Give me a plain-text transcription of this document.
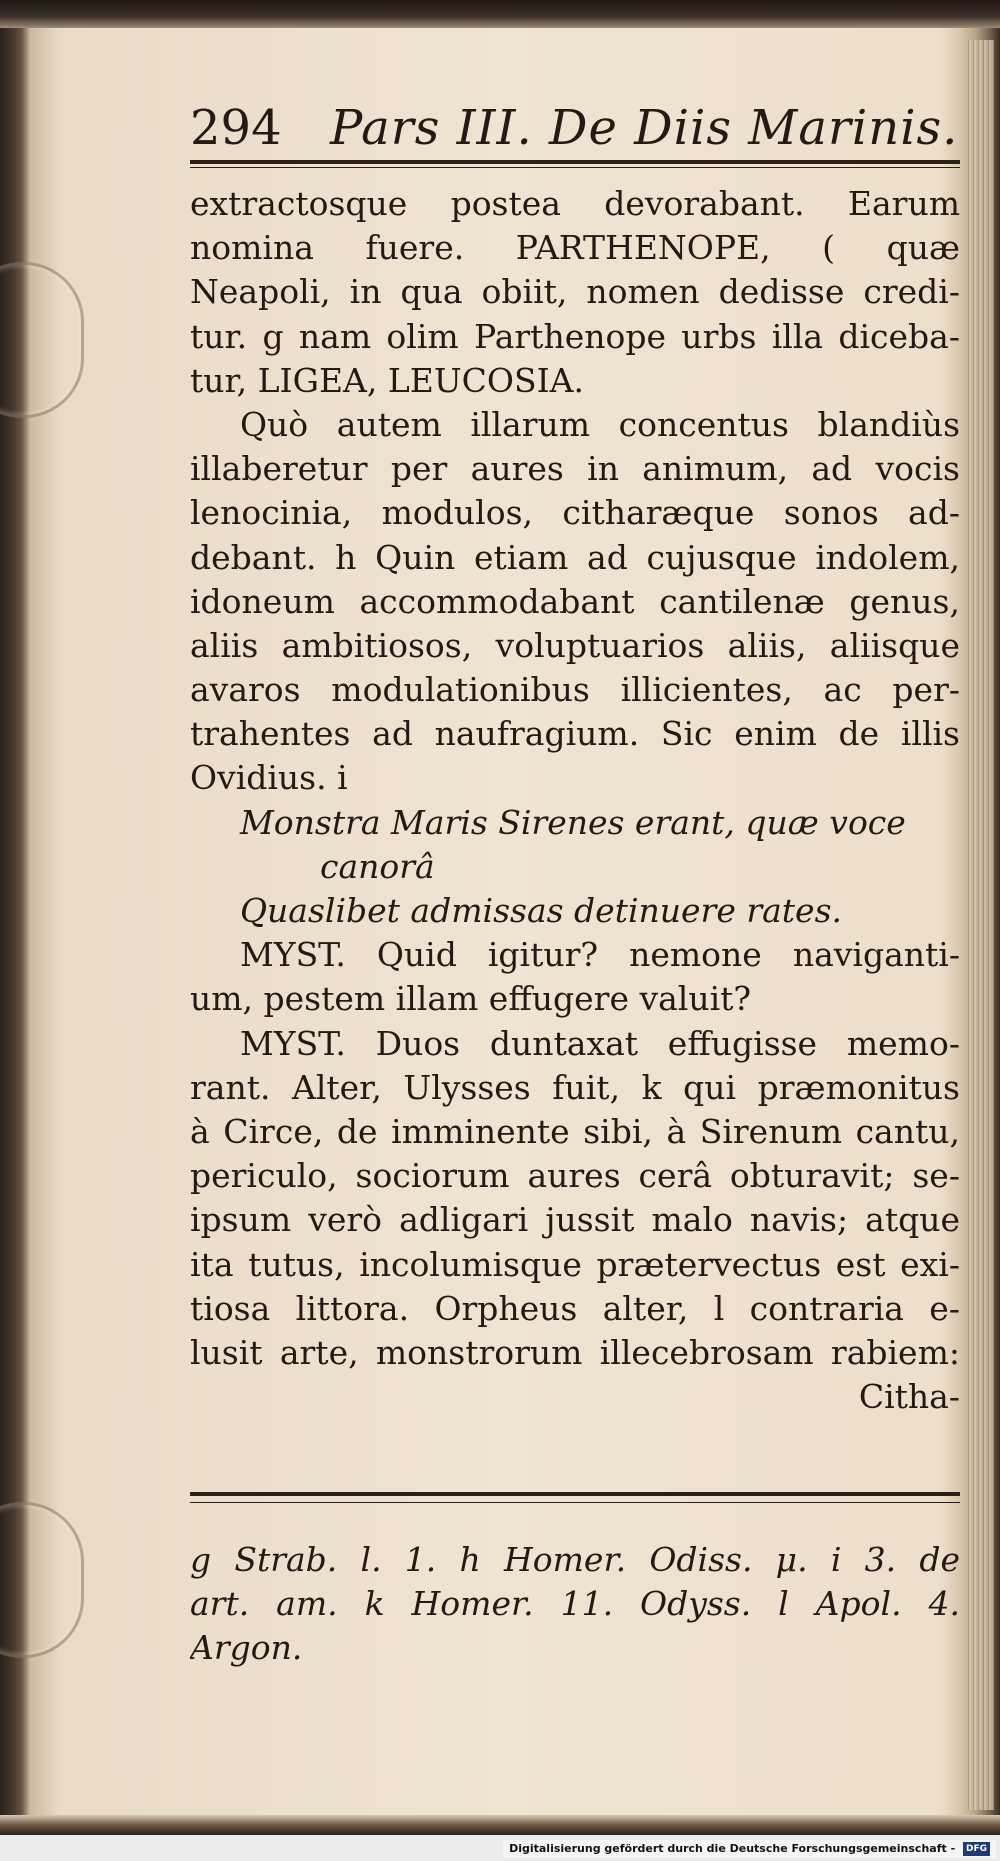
294 Pars III. De Diis Marinis.
extractosque postea devorabant. Earum
nomina fuere. PARTHENOPE, ( quæ
Neapoli, in qua obiit, nomen dedisse credi-
tur. g nam olim Parthenope urbs illa diceba-
tur, LIGEA, LEUCOSIA.
Quò autem illarum concentus blandiùs
illaberetur per aures in animum, ad vocis
lenocinia, modulos, citharæque sonos ad-
debant. h Quin etiam ad cujusque indolem,
idoneum accommodabant cantilenæ genus,
aliis ambitiosos, voluptuarios aliis, aliisque
avaros modulationibus illicientes, ac per-
trahentes ad naufragium. Sic enim de illis
Ovidius. i
Monstra Maris Sirenes erant, quæ voce
canorâ
Quaslibet admissas detinuere rates.
MYST. Quid igitur? nemone naviganti-
um, pestem illam effugere valuit?
MYST. Duos duntaxat effugisse memo-
rant. Alter, Ulysses fuit, k qui præmonitus
à Circe, de imminente sibi, à Sirenum cantu,
periculo, sociorum aures cerâ obturavit; se-
ipsum verò adligari jussit malo navis; atque
ita tutus, incolumisque prætervectus est exi-
tiosa littora. Orpheus alter, l contraria e-
lusit arte, monstrorum illecebrosam rabiem:
Citha-
g Strab. l. 1. h Homer. Odiss. μ. i 3. de
art. am. k Homer. 11. Odyss. l Apol. 4.
Argon.
Digitalisierung gefördert durch die Deutsche Forschungsgemeinschaft - DFG
